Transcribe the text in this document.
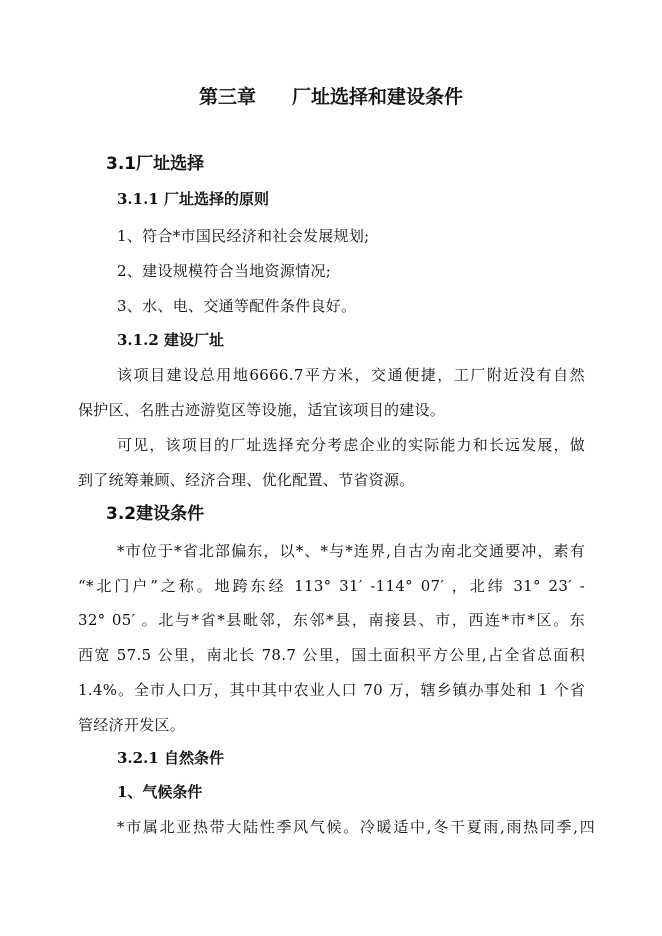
第三章 厂址选择和建设条件
3.1厂址选择
3.1.1 厂址选择的原则
1、符合*市国民经济和社会发展规划;
2、建设规模符合当地资源情况;
3、水、电、交通等配件条件良好。
3.1.2 建设厂址
该项目建设总用地6666.7平方米，交通便捷，工厂附近没有自然
保护区、名胜古迹游览区等设施，适宜该项目的建设。
可见，该项目的厂址选择充分考虑企业的实际能力和长远发展，做
到了统筹兼顾、经济合理、优化配置、节省资源。
3.2建设条件
*市位于*省北部偏东，以*、*与*连界,自古为南北交通要冲，素有
“*北门户”之称。地跨东经 113° 31′ -114° 07′ ，北纬 31° 23′ -
32° 05′ 。北与*省*县毗邻，东邻*县，南接县、市，西连*市*区。东
西宽 57.5 公里，南北长 78.7 公里，国土面积平方公里,占全省总面积
1.4%。全市人口万，其中其中农业人口 70 万，辖乡镇办事处和 1 个省
管经济开发区。
3.2.1 自然条件
1、气候条件
*市属北亚热带大陆性季风气候。冷暖适中,冬干夏雨,雨热同季,四
